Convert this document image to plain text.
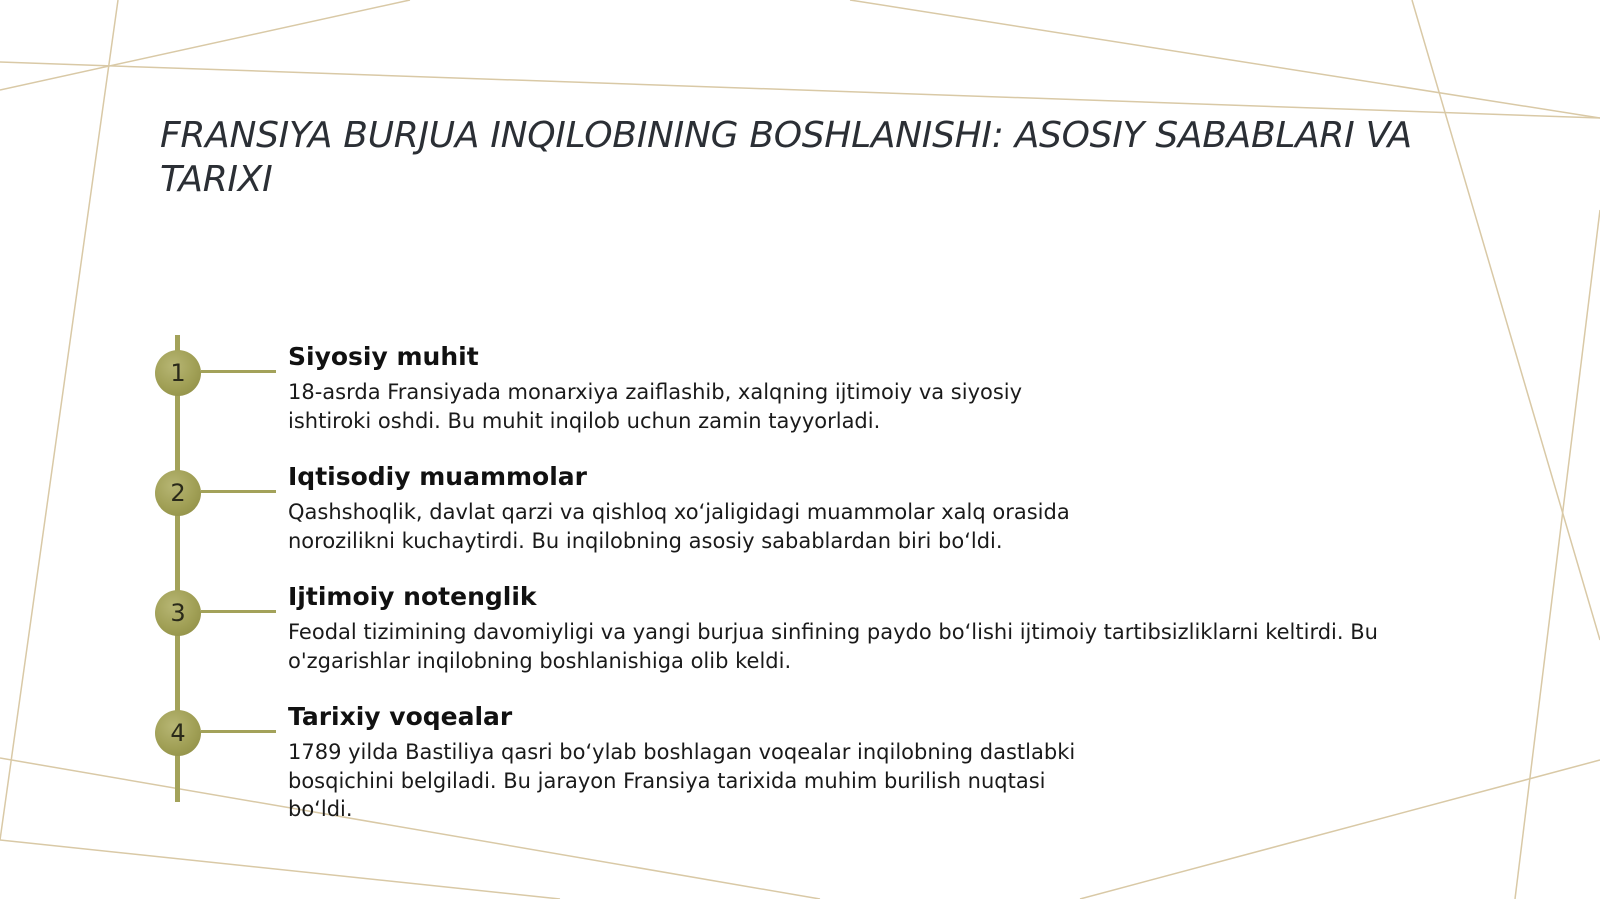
FRANSIYA BURJUA INQILOBINING BOSHLANISHI: ASOSIY SABABLARI VA TARIXI
1
Siyosiy muhit

18-asrda Fransiyada monarxiya zaiflashib, xalqning ijtimoiy va siyosiy ishtiroki oshdi. Bu muhit inqilob uchun zamin tayyorladi.

2
Iqtisodiy muammolar

Qashshoqlik, davlat qarzi va qishloq xo‘jaligidagi muammolar xalq orasida norozilikni kuchaytirdi. Bu inqilobning asosiy sabablardan biri bo‘ldi.

3
Ijtimoiy notenglik

Feodal tizimining davomiyligi va yangi burjua sinfining paydo bo‘lishi ijtimoiy tartibsizliklarni keltirdi. Bu o'zgarishlar inqilobning boshlanishiga olib keldi.

4
Tarixiy voqealar

1789 yilda Bastiliya qasri bo‘ylab boshlagan voqealar inqilobning dastlabki bosqichini belgiladi. Bu jarayon Fransiya tarixida muhim burilish nuqtasi bo‘ldi.
